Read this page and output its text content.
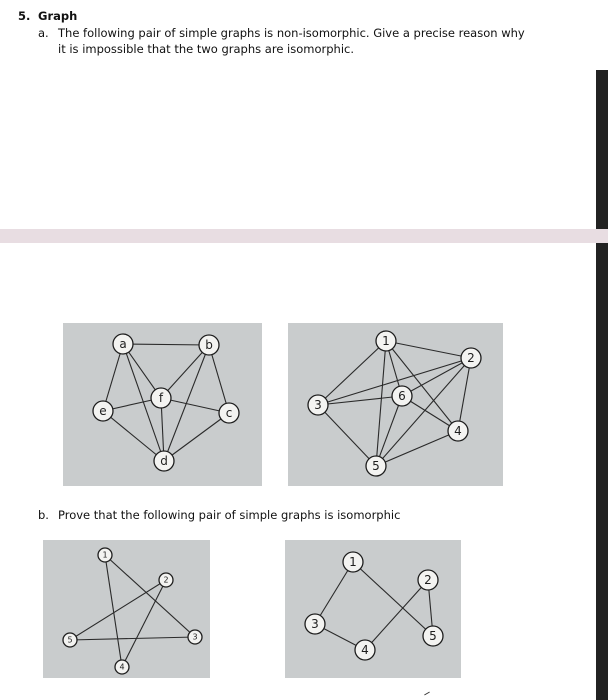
5. Graph
a. The following pair of simple graphs is non-isomorphic. Give a precise reason why
it is impossible that the two graphs are isomorphic.
a	b
e
f
c
d
1
2
3
6
4
5
b. Prove that the following pair of simple graphs is isomorphic
1
2
3
4
5
1
2
3
4
5
